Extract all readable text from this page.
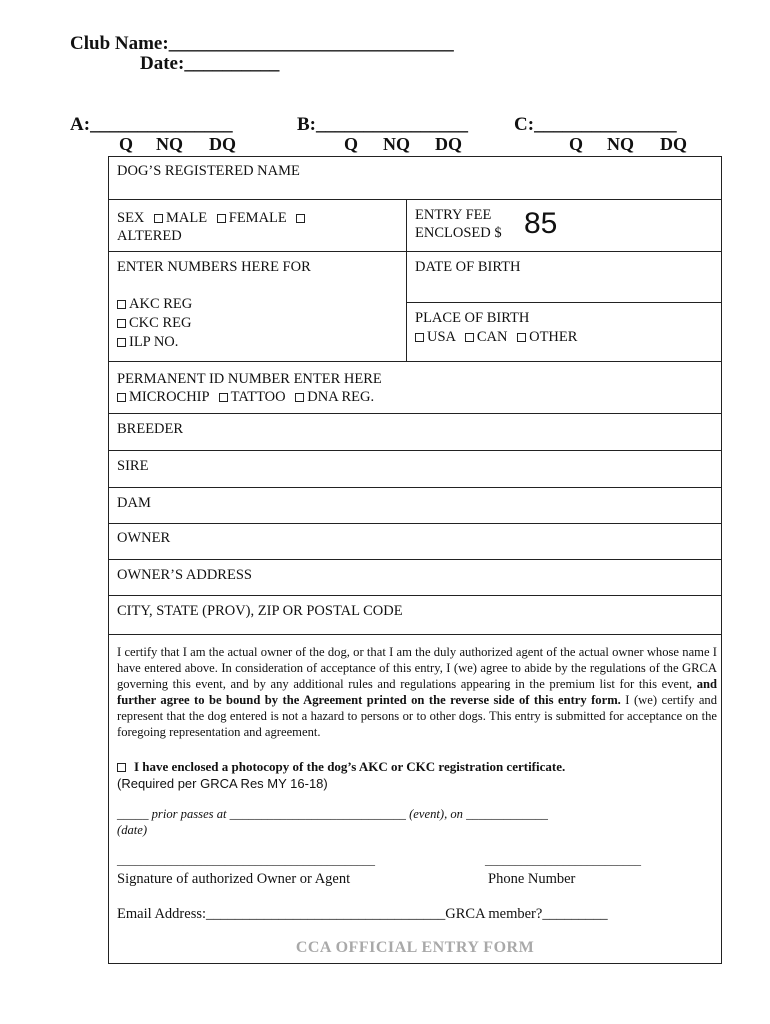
Club Name:______________________________
Date:__________
A:_______________	B:________________ C:_______________
Q NQ DQ	Q NQ DQ	Q NQ DQ
DOG’S REGISTERED NAME
SEX MALE FEMALE
ALTERED
ENTRY FEE
ENCLOSED $ 85
ENTER NUMBERS HERE FOR
AKC REG
CKC REG
ILP NO.
DATE OF BIRTH
PLACE OF BIRTH
USA CAN OTHER
PERMANENT ID NUMBER ENTER HERE
MICROCHIP TATTOO DNA REG.
BREEDER
SIRE
DAM
OWNER
OWNER’S ADDRESS
CITY, STATE (PROV), ZIP OR POSTAL CODE
I certify that I am the actual owner of the dog, or that I am the duly authorized agent of the actual owner whose name I have entered above. In consideration of acceptance of this entry, I (we) agree to abide by the regulations of the GRCA governing this event, and by any additional rules and regulations appearing in the premium list for this event, and further agree to be bound by the Agreement printed on the reverse side of this entry form. I (we) certify and represent that the dog entered is not a hazard to persons or to other dogs. This entry is submitted for acceptance on the foregoing representation and agreement.
I have enclosed a photocopy of the dog’s AKC or CKC registration certificate.
(Required per GRCA Res MY 16-18)
_____ prior passes at ____________________________ (event), on _____________
(date)
___________________________________________	__________________________
Signature of authorized Owner or Agent	Phone Number
Email Address:_________________________________GRCA member?_________
CCA OFFICIAL ENTRY FORM
